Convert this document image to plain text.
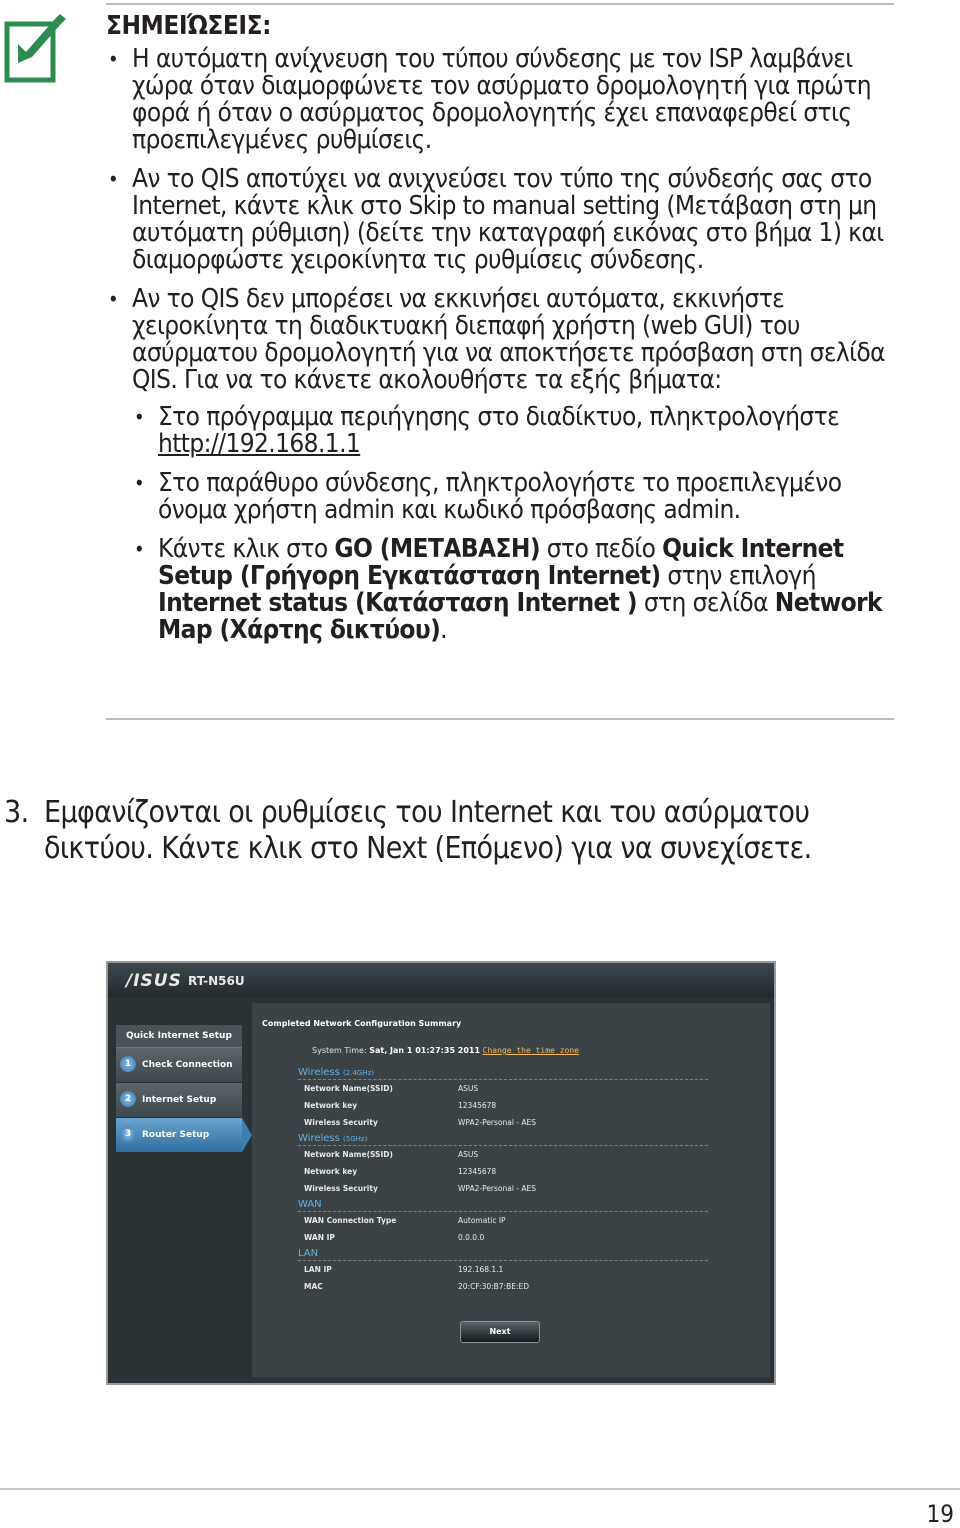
ΣΗΜΕΙΏΣΕΙΣ:
• Η αυτόματη ανίχνευση του τύπου σύνδεσης με τον ISP λαμβάνει χώρα όταν διαμορφώνετε τον ασύρματο δρομολογητή για πρώτη φορά ή όταν ο ασύρματος δρομολογητής έχει επαναφερθεί στις προεπιλεγμένες ρυθμίσεις.
• Αν το QIS αποτύχει να ανιχνεύσει τον τύπο της σύνδεσής σας στο Internet, κάντε κλικ στο Skip to manual setting (Μετάβαση στη μη αυτόματη ρύθμιση) (δείτε την καταγραφή εικόνας στο βήμα 1) και διαμορφώστε χειροκίνητα τις ρυθμίσεις σύνδεσης.
• Αν το QIS δεν μπορέσει να εκκινήσει αυτόματα, εκκινήστε χειροκίνητα τη διαδικτυακή διεπαφή χρήστη (web GUI) του ασύρματου δρομολογητή για να αποκτήσετε πρόσβαση στη σελίδα QIS. Για να το κάνετε ακολουθήστε τα εξής βήματα:
• Στο πρόγραμμα περιήγησης στο διαδίκτυο, πληκτρολογήστε http://192.168.1.1
• Στο παράθυρο σύνδεσης, πληκτρολογήστε το προεπιλεγμένο όνομα χρήστη admin και κωδικό πρόσβασης admin.
• Κάντε κλικ στο GO (ΜΕΤΑΒΑΣΗ) στο πεδίο Quick Internet Setup (Γρήγορη Εγκατάσταση Internet) στην επιλογή Internet status (Κατάσταση Internet ) στη σελίδα Network Map (Χάρτης δικτύου).
3. Εμφανίζονται οι ρυθμίσεις του Internet και του ασύρματου δικτύου. Κάντε κλικ στο Next (Επόμενο) για να συνεχίσετε.
/ISUS RT-N56U
Quick Internet Setup
1	Check Connection
2	Internet Setup
3	Router Setup
Completed Network Configuration Summary
System Time: Sat, Jan 1 01:27:35 2011 Change the time zone
Wireless (2.4GHz)
Network Name(SSID)	ASUS
Network key	12345678
Wireless Security	WPA2-Personal - AES
Wireless (5GHz)
Network Name(SSID)	ASUS
Network key	12345678
Wireless Security	WPA2-Personal - AES
WAN
WAN Connection Type	Automatic IP
WAN IP	0.0.0.0
LAN
LAN IP	192.168.1.1
MAC	20:CF:30:B7:BE:ED
Next
19
